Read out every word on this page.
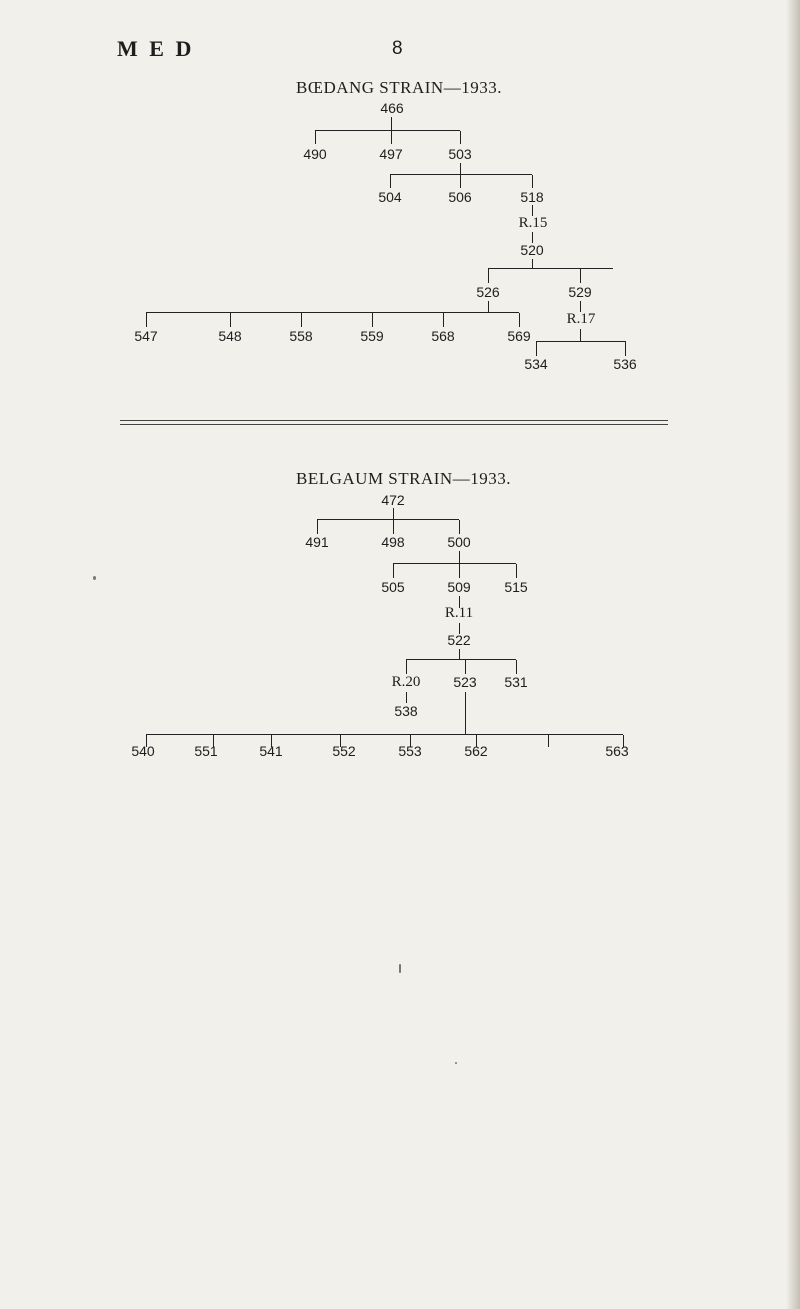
M E D	8
BŒDANG STRAIN—1933.
466
490	497	503
504	506	518
R.15
520
526	529
547	548	558	559	568	569
R.17
534	536
BELGAUM STRAIN—1933.
472
491	498	500
505	509	515
R.11
522
R.20	523	531
538
540	551	541	552	553	562	563
